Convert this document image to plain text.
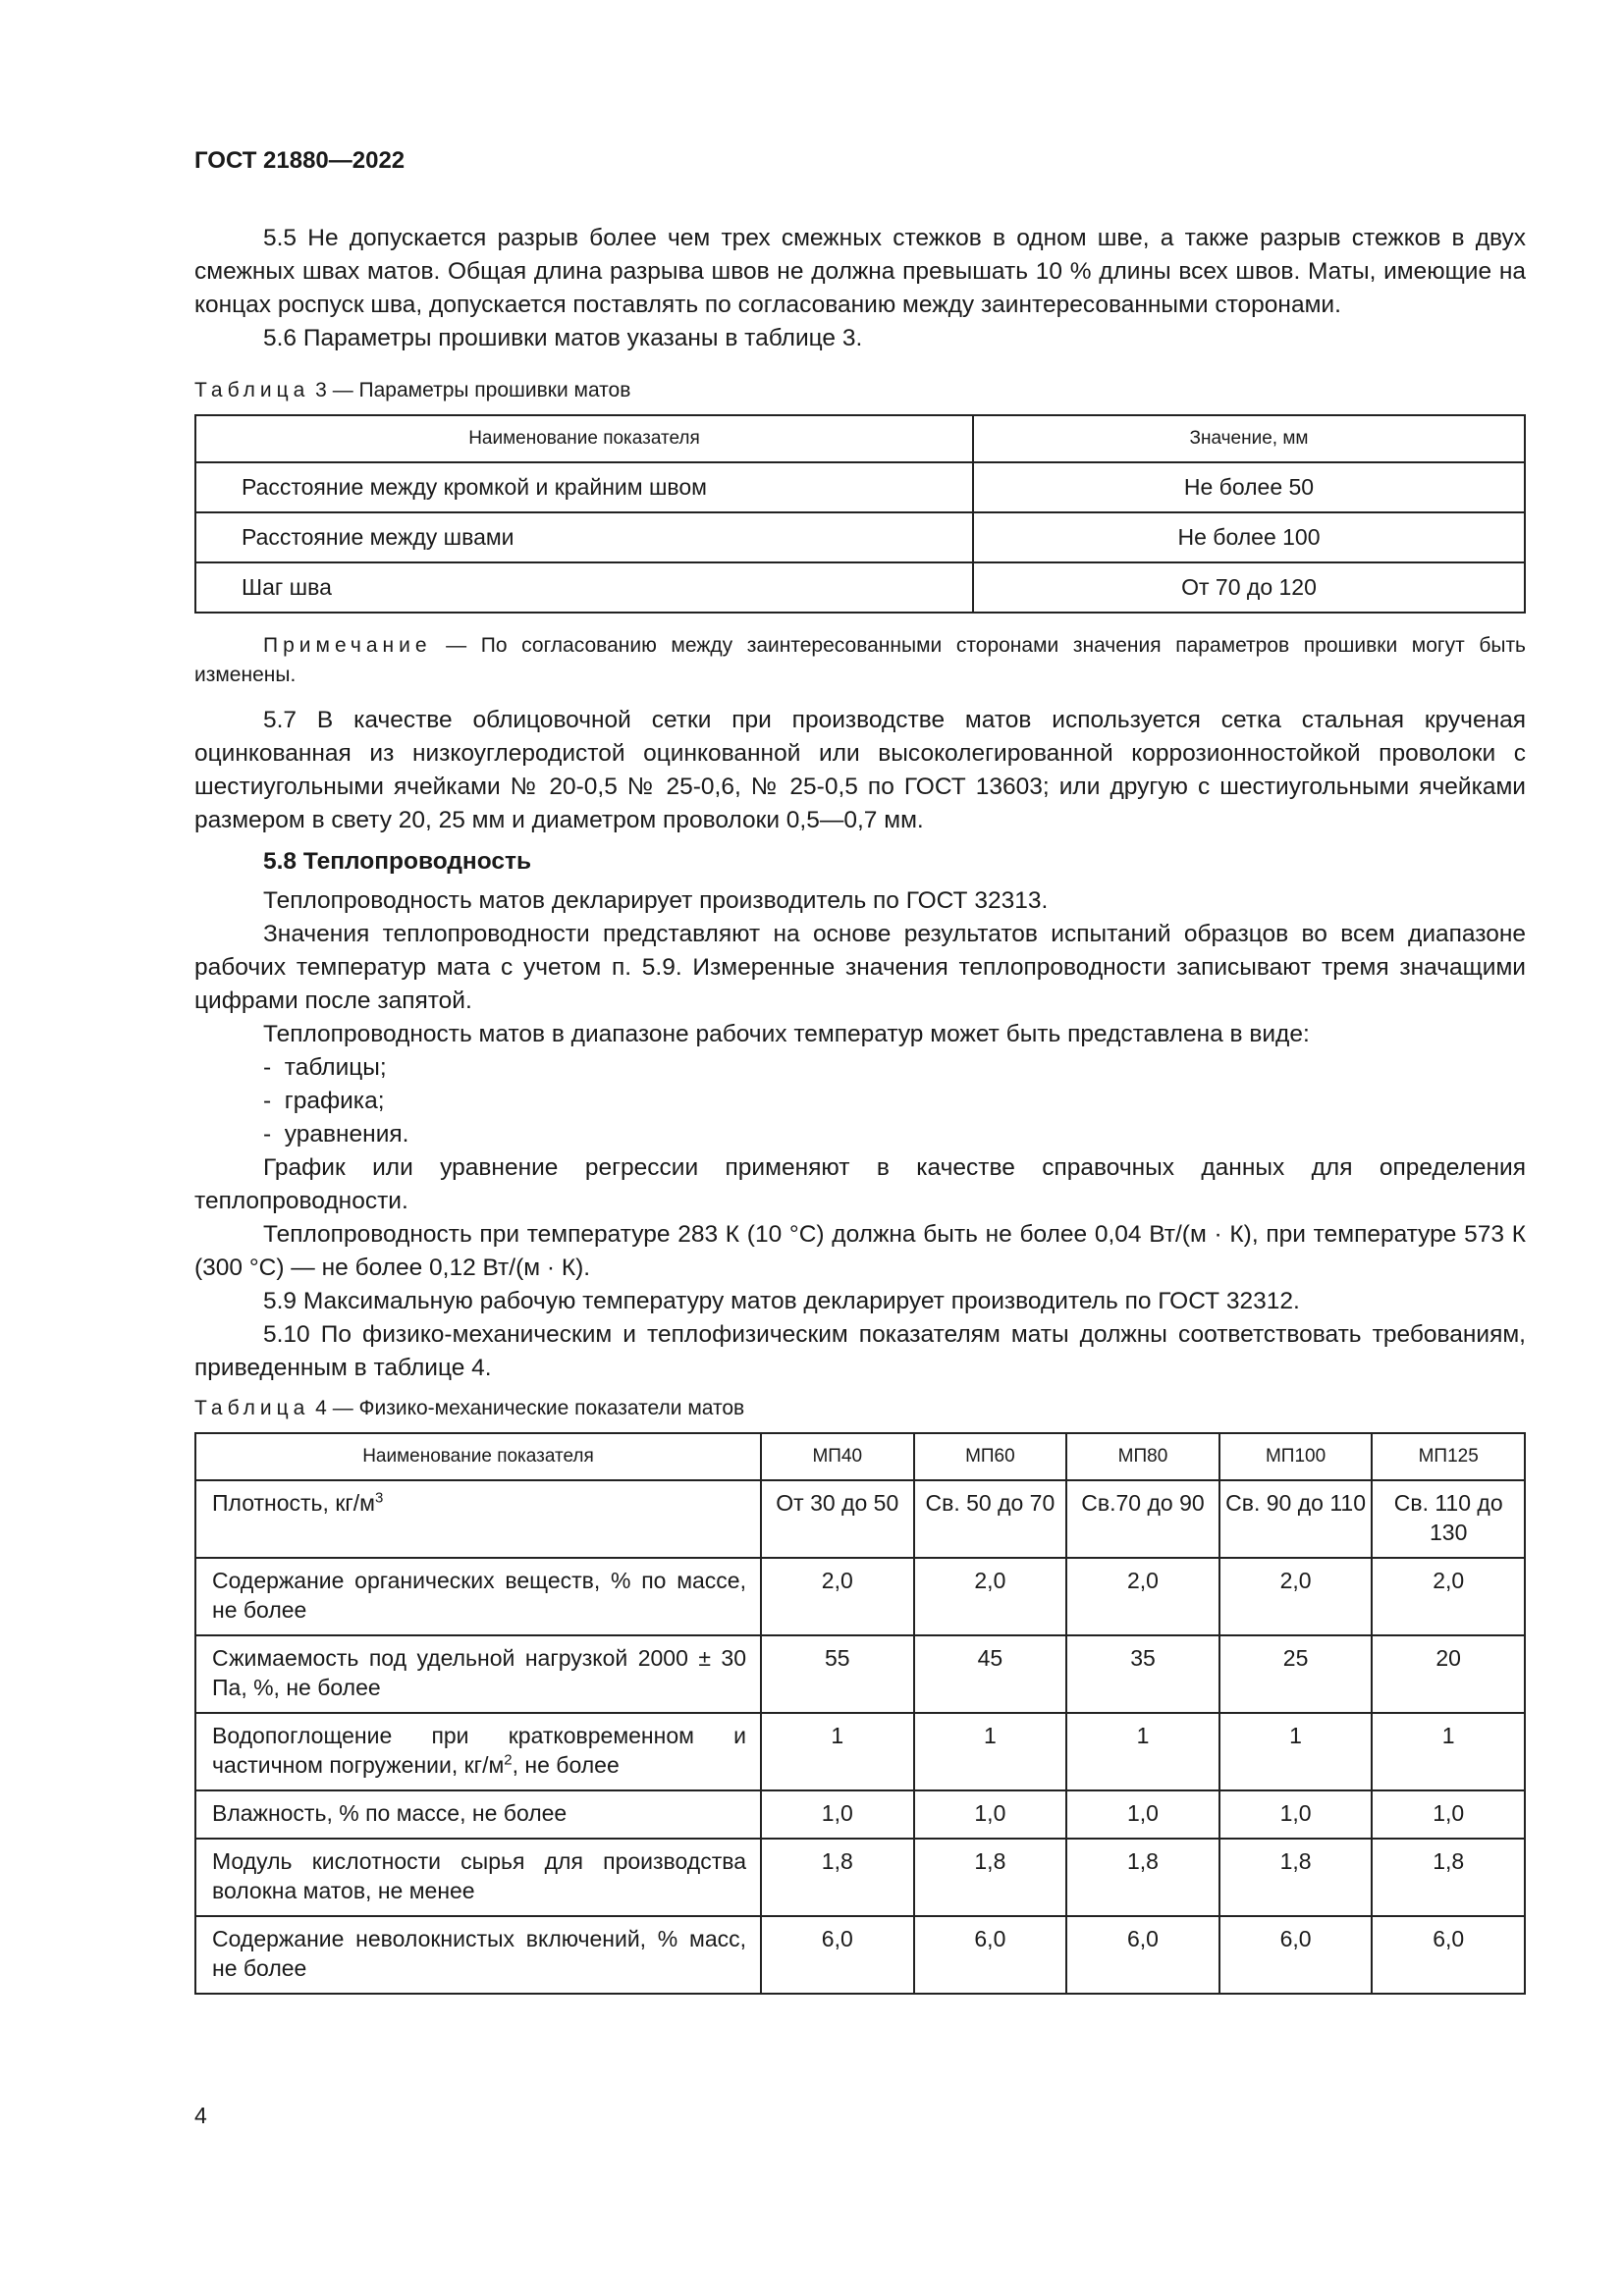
ГОСТ 21880—2022

5.5 Не допускается разрыв более чем трех смежных стежков в одном шве, а также разрыв стежков в двух смежных швах матов. Общая длина разрыва швов не должна превышать 10 % длины всех швов. Маты, имеющие на концах роспуск шва, допускается поставлять по согласованию между заинтересованными сторонами.

5.6 Параметры прошивки матов указаны в таблице 3.

Таблица 3 — Параметры прошивки матов
Наименование показателя	Значение, мм
Расстояние между кромкой и крайним швом	Не более 50
Расстояние между швами	Не более 100
Шаг шва	От 70 до 120
Примечание — По согласованию между заинтересованными сторонами значения параметров прошивки могут быть изменены.

5.7 В качестве облицовочной сетки при производстве матов используется сетка стальная крученая оцинкованная из низкоуглеродистой оцинкованной или высоколегированной коррозионностойкой проволоки с шестиугольными ячейками № 20-0,5 № 25-0,6, № 25-0,5 по ГОСТ 13603; или другую с шестиугольными ячейками размером в свету 20, 25 мм и диаметром проволоки 0,5—0,7 мм.

5.8 Теплопроводность

Теплопроводность матов декларирует производитель по ГОСТ 32313.

Значения теплопроводности представляют на основе результатов испытаний образцов во всем диапазоне рабочих температур мата с учетом п. 5.9. Измеренные значения теплопроводности записывают тремя значащими цифрами после запятой.

Теплопроводность матов в диапазоне рабочих температур может быть представлена в виде:

-  таблицы;

-  графика;

-  уравнения.

График или уравнение регрессии применяют в качестве справочных данных для определения теплопроводности.

Теплопроводность при температуре 283 К (10 °С) должна быть не более 0,04 Вт/(м · К), при температуре 573 К (300 °С) — не более 0,12 Вт/(м · К).

5.9 Максимальную рабочую температуру матов декларирует производитель по ГОСТ 32312.

5.10 По физико-механическим и теплофизическим показателям маты должны соответствовать требованиям, приведенным в таблице 4.

Таблица 4 — Физико-механические показатели матов
Наименование показателя	МП40	МП60	МП80	МП100	МП125
Плотность, $кг/м^3$	От 30 до 50	Св. 50 до 70	Св.70 до 90	Св. 90 до 110	Св. 110 до 130
Содержание органических веществ, % по массе, не более	2,0	2,0	2,0	2,0	2,0
Сжимаемость под удельной нагрузкой 2000 ± 30 Па, %, не более	55	45	35	25	20
Водопоглощение при кратковременном и частичном погружении, $кг/м^2$, не более	1	1	1	1	1
Влажность, % по массе, не более	1,0	1,0	1,0	1,0	1,0
Модуль кислотности сырья для производства волокна матов, не менее	1,8	1,8	1,8	1,8	1,8
Содержание неволокнистых включений, % масс, не более	6,0	6,0	6,0	6,0	6,0
4
